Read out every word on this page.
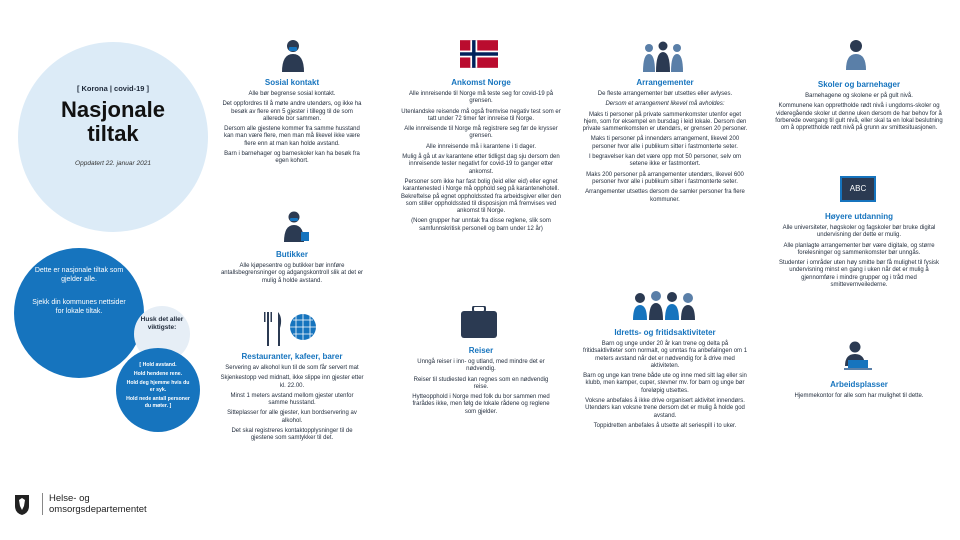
[ Korona | covid-19 ]
Nasjonale
tiltak
Oppdatert 22. januar 2021
Dette er nasjonale tiltak som gjelder alle.
Sjekk din kommunes nettsider for lokale tiltak.
Husk det aller viktigste:
[ Hold avstand.
Hold hendene rene.
Hold deg hjemme hvis du er syk.
Hold nede antall personer du møter. ]
ABC
Sosial kontakt

Alle bør begrense sosial kontakt.

Det oppfordres til å møte andre utendørs, og ikke ha besøk av flere enn 5 gjester i tillegg til de som allerede bor sammen.

Dersom alle gjestene kommer fra samme husstand kan man være flere, men man må likevel ikke være flere enn at man kan holde avstand.

Barn i barnehager og barneskoler kan ha besøk fra egen kohort.

Butikker

Alle kjøpesentre og butikker bør innføre antallsbegrensninger og adgangskontroll slik at det er mulig å holde avstand.

Restauranter, kafeer, barer

Servering av alkohol kun til de som får servert mat

Skjenkestopp ved midnatt, ikke slippe inn gjester etter kl. 22.00.

Minst 1 meters avstand mellom gjester utenfor samme husstand.

Sitteplasser for alle gjester, kun bordservering av alkohol.

Det skal registreres kontaktopplysninger til de gjestene som samtykker til det.

Ankomst Norge

Alle innreisende til Norge må teste seg for covid-19 på grensen.

Utenlandske reisende må også fremvise negativ test som er tatt under 72 timer før innreise til Norge.

Alle innreisende til Norge må registrere seg før de krysser grensen.

Alle innreisende må i karantene i ti dager.

Mulig å gå ut av karantene etter tidligst dag sju dersom den innreisende tester negativt for covid-19 to ganger etter ankomst.

Personer som ikke har fast bolig (leid eller eid) eller egnet karantenested i Norge må opphold seg på karantenehotell. Bekreftelse på egnet oppholdssted fra arbeidsgiver eller den som stiller oppholdssted til disposisjon må fremvises ved ankomst til Norge.

(Noen grupper har unntak fra disse reglene, slik som samfunnskritisk personell og barn under 12 år)

Reiser

Unngå reiser i inn- og utland, med mindre det er nødvendig.

Reiser til studiested kan regnes som en nødvendig reise.

Hytteopphold i Norge med folk du bor sammen med frarådes ikke, men følg de lokale rådene og reglene som gjelder.

Arrangementer

De fleste arrangementer bør utsettes eller avlyses.

Dersom et arrangement likevel må avholdes:

Maks ti personer på private sammenkomster utenfor eget hjem, som for eksempel en bursdag i leid lokale. Dersom den private sammenkomsten er utendørs, er grensen 20 personer.

Maks ti personer på innendørs arrangement, likevel 200 personer hvor alle i publikum sitter i fastmonterte seter.

I begravelser kan det være opp mot 50 personer, selv om setene ikke er fastmontert.

Maks 200 personer på arrangementer utendørs, likevel 600 personer hvor alle i publikum sitter i fastmonterte seter.

Arrangementer utsettes dersom de samler personer fra flere kommuner.

Idretts- og fritidsaktiviteter

Barn og unge under 20 år kan trene og delta på fritidsaktiviteter som normalt, og unntas fra anbefalingen om 1 meters avstand når det er nødvendig for å drive med aktiviteten.

Barn og unge kan trene både ute og inne med sitt lag eller sin klubb, men kamper, cuper, stevner mv. for barn og unge bør foreløpig utsettes.

Voksne anbefales å ikke drive organisert aktivitet innendørs. Utendørs kan voksne trene dersom det er mulig å holde god avstand.

Toppidretten anbefales å utsette alt seriespill i to uker.

Skoler og barnehager

Barnehagene og skolene er på gult nivå.

Kommunene kan opprettholde rødt nivå i ungdoms-skoler og videregående skoler ut denne uken dersom de har behov for å forberede overgang til gult nivå, eller skal ta en lokal beslutning om å opprettholde rødt nivå på grunn av smittesituasjonen.

Høyere utdanning

Alle universiteter, høgskoler og fagskoler bør bruke digital undervisning der dette er mulig.

Alle planlagte arrangementer bør være digitale, og større forelesninger og sammenkomster bør unngås.

Studenter i områder uten høy smitte bør få mulighet til fysisk undervisning minst en gang i uken når det er mulig å gjennomføre i mindre grupper og i tråd med smittevernveilederne.

Arbeidsplasser

Hjemmekontor for alle som har mulighet til dette.

Helse- og
omsorgsdepartementet
